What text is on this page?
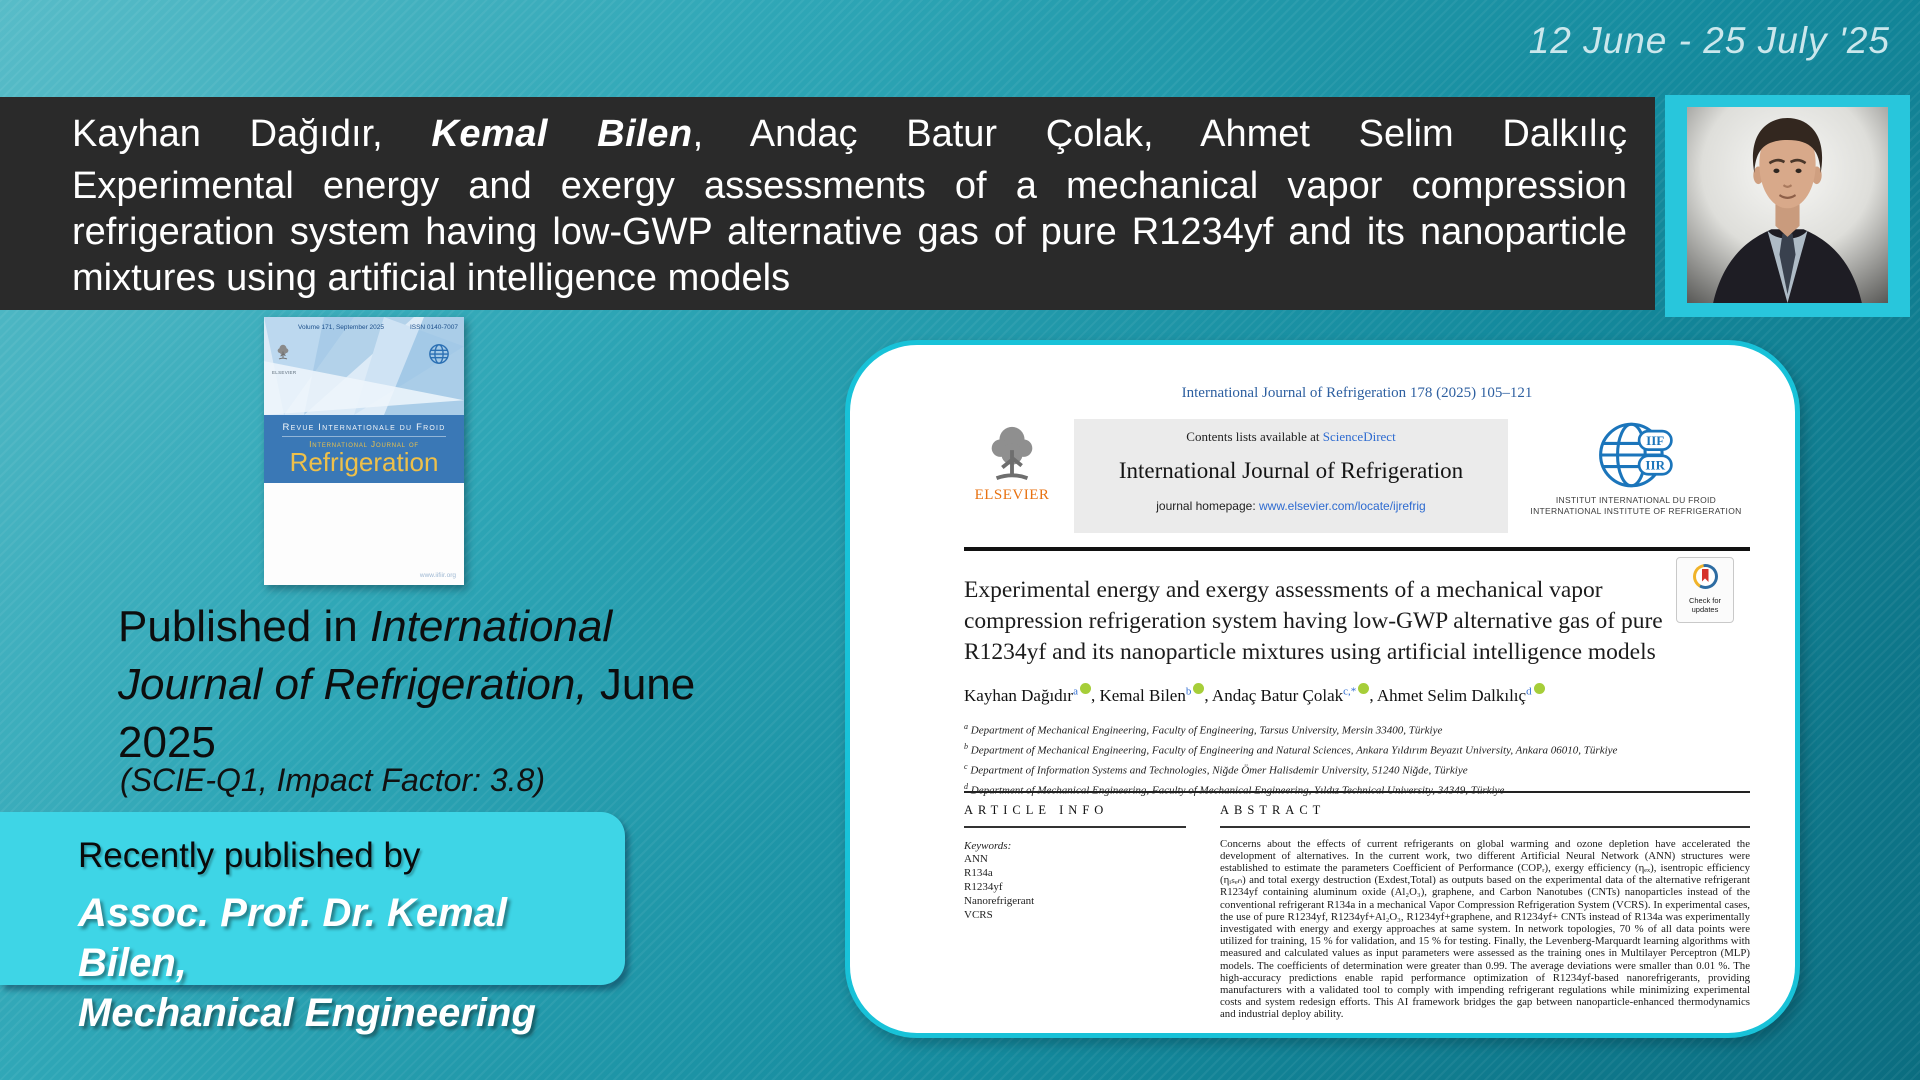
12 June - 25 July '25
Kayhan Dağıdır, Kemal Bilen, Andaç Batur Çolak, Ahmet Selim Dalkılıç
Experimental energy and exergy assessments of a mechanical vapor compression refrigeration system having low-GWP alternative gas of pure R1234yf and its nanoparticle mixtures using artificial intelligence models
Volume 171, September 2025	ISSN 0140-7007
ELSEVIER
Revue Internationale du Froid
International Journal of
Refrigeration
www.iifiir.org
Published in International
Journal of Refrigeration, June
2025
(SCIE-Q1, Impact Factor: 3.8)
Recently published by
Assoc. Prof. Dr. Kemal Bilen,
Mechanical Engineering
International Journal of Refrigeration 178 (2025) 105–121
ELSEVIER
Contents lists available at ScienceDirect
International Journal of Refrigeration
journal homepage: www.elsevier.com/locate/ijrefrig
IIF
IIR
INSTITUT INTERNATIONAL DU FROID
INTERNATIONAL INSTITUTE OF REFRIGERATION
Experimental energy and exergy assessments of a mechanical vapor compression refrigeration system having low-GWP alternative gas of pure R1234yf and its nanoparticle mixtures using artificial intelligence models
Check for updates
Kayhan Dağıdır$^a$ , Kemal Bilen$^b$ , Andaç Batur Çolak$^{c,*}$ , Ahmet Selim Dalkılıç$^d$
$^a$ Department of Mechanical Engineering, Faculty of Engineering, Tarsus University, Mersin 33400, Türkiye
$^b$ Department of Mechanical Engineering, Faculty of Engineering and Natural Sciences, Ankara Yıldırım Beyazıt University, Ankara 06010, Türkiye
$^c$ Department of Information Systems and Technologies, Niğde Ömer Halisdemir University, 51240 Niğde, Türkiye
$^d$
ARTICLE INFO
Keywords:
ANN
R134a
R1234yf
Nanorefrigerant
VCRS
ABSTRACT
Concerns about the effects of current refrigerants on global warming and ozone depletion have accelerated the development of alternatives. In the current work, two different Artificial Neural Network (ANN) structures were established to estimate the parameters Coefficient of Performance (COPᵣ), exergy efficiency (ηₑₓ), isentropic efficiency (ηᵢₛₑₙ) and total exergy destruction (Exdest,Total) as outputs based on the experimental data of the alternative refrigerant R1234yf containing aluminum oxide (Al₂O₃), graphene, and Carbon Nanotubes (CNTs) nanoparticles instead of the conventional refrigerant R134a in a mechanical Vapor Compression Refrigeration System (VCRS). In experimental cases, the use of pure R1234yf, R1234yf+Al₂O₃, R1234yf+graphene, and R1234yf+ CNTs instead of R134a was experimentally investigated with energy and exergy approaches at same system. In network topologies, 70 % of all data points were utilized for training, 15 % for validation, and 15 % for testing. Finally, the Levenberg-Marquardt learning algorithms with measured and calculated values as input parameters were assessed as the training ones in Multilayer Perceptron (MLP) models. The coefficients of determination were greater than 0.99. The average deviations were smaller than 0.01 %. The high-accuracy predictions enable rapid performance optimization of R1234yf-based nanorefrigerants, providing manufacturers with a validated tool to comply with impending refrigerant regulations while minimizing experimental costs and system redesign efforts. This AI framework bridges the gap between nanoparticle-enhanced thermodynamics and industrial deploy ability.
